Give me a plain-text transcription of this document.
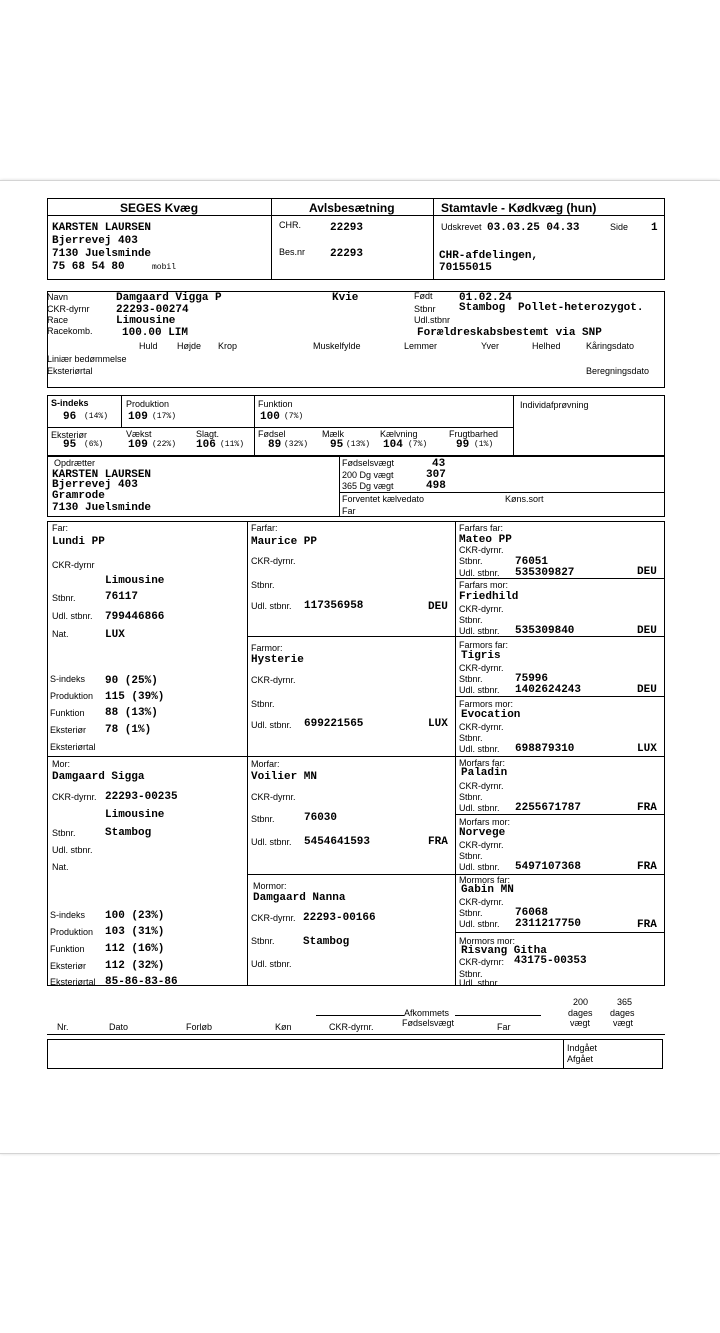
SEGES Kvæg	Avlsbesætning	Stamtavle - Kødkvæg (hun)
KARSTEN LAURSEN
Bjerrevej 403
7130 Juelsminde
75 68 54 80	mobil
CHR.	22293
Bes.nr 22293
Udskrevet 03.03.25 04.33	Side 1
CHR-afdelingen,
70155015
Navn	Damgaard Vigga P	Kvie	Født 01.02.24
CKR-dyrnr 22293-00274	Stbnr Stambog Pollet-heterozygot.
Race	Limousine	Udl.stbnr
Racekomb.	100.00 LIM	Forældreskabsbestemt via SNP
Huld Højde Krop	Muskelfylde	Lemmer	Yver	Helhed	Kåringsdato
Liniær bedømmelse
Eksteriørtal	Beregningsdato
S-indeks
96 (14%)
Produktion
109 (17%)
Funktion
100 (7%)
Individafprøvning
Eksteriør
95 (6%)
Vækst
109 (22%)
Slagt.
106 (11%)
Fødsel
89 (32%)
Mælk
95 (13%)
Kælvning
104 (7%)
Frugtbarhed
99 (1%)
Opdrætter
KARSTEN LAURSEN
Bjerrevej 403
Gramrode
7130 Juelsminde
Fødselsvægt	43
200 Dg vægt	307
365 Dg vægt	498
Forventet kælvedato	Køns.sort
Far
Far:
Lundi PP
CKR-dyrnr
Limousine
Stbnr.	76117
Udl. stbnr. 799446866
Nat.	LUX
S-indeks 90 (25%)
Produktion 115 (39%)
Funktion 88 (13%)
Eksteriør 78 (1%)
Eksteriørtal
Mor:
Damgaard Sigga
CKR-dyrnr. 22293-00235
Limousine
Stbnr.	Stambog
Udl. stbnr.
Nat.
S-indeks 100 (23%)
Produktion 103 (31%)
Funktion 112 (16%)
Eksteriør 112 (32%)
Eksteriørtal 85-86-83-86
Farfar:
Maurice PP
CKR-dyrnr.
Stbnr.
Udl. stbnr. 117356958	DEU
Farmor:
Hysterie
CKR-dyrnr.
Stbnr.
Udl. stbnr. 699221565	LUX
Morfar:
Voilier MN
CKR-dyrnr.
Stbnr.	76030
Udl. stbnr. 5454641593	FRA
Mormor:
Damgaard Nanna
CKR-dyrnr. 22293-00166
Stbnr.	Stambog
Udl. stbnr.
Farfars far:
Mateo PP
CKR-dyrnr.
Stbnr.	76051
Udl. stbnr. 535309827	DEU
Farfars mor:
Friedhild
CKR-dyrnr.
Stbnr.
Udl. stbnr. 535309840	DEU
Farmors far:
Tigris
CKR-dyrnr.
Stbnr.	75996
Udl. stbnr. 1402624243	DEU
Farmors mor:
Evocation
CKR-dyrnr.
Stbnr.
Udl. stbnr. 698879310	LUX
Morfars far:
Paladin
CKR-dyrnr.
Stbnr.
Udl. stbnr. 2255671787	FRA
Morfars mor:
Norvege
CKR-dyrnr.
Stbnr.
Udl. stbnr. 5497107368	FRA
Mormors far:
Gabin MN
CKR-dyrnr.
Stbnr.	76068
Udl. stbnr. 2311217750	FRA
Mormors mor:
Risvang Githa
CKR-dyrnr: 43175-00353
Stbnr.
Udl. stbnr.
200
dages
vægt
365
dages
vægt
Afkommets
Fødselsvægt
Nr.	Dato	Forløb	Køn	CKR-dyrnr.	Far
Indgået
Afgået
